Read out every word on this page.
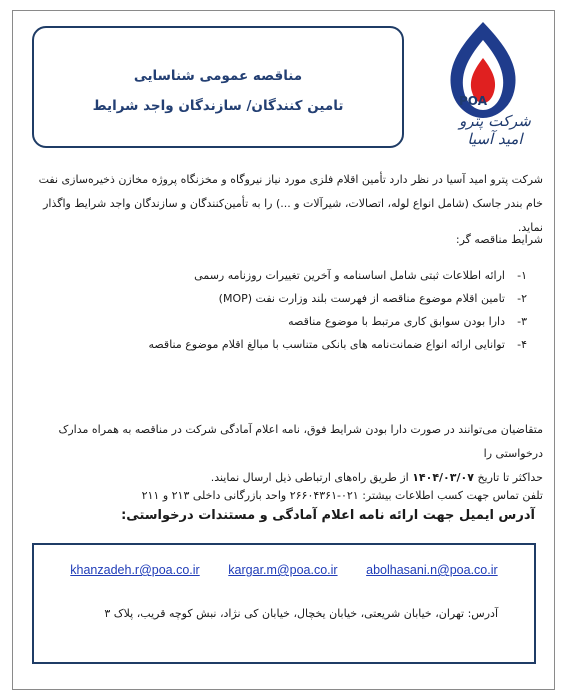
مناقصه عمومی شناسایی
تامین کنندگان/ سازندگان واجد شرایط	POA
شرکت پترو امید آسیا

شرکت پترو امید آسیا در نظر دارد تأمین اقلام فلزی مورد نیاز نیروگاه و مخزنگاه پروژه مخازن ذخیره‌سازی نفت خام بندر جاسک (شامل انواع لوله، اتصالات، شیرآلات و ...) را به تأمین‌کنندگان و سازندگان واجد شرایط واگذار نماید.

شرایط مناقصه گر:

۱-
ارائه اطلاعات ثبتی شامل اساسنامه و آخرین تغییرات روزنامه رسمی
۲-
تامین اقلام موضوع مناقصه از فهرست بلند وزارت نفت (MOP)
۳-
دارا بودن سوابق کاری مرتبط با موضوع مناقصه
۴-
توانایی ارائه انواع ضمانت‌نامه های بانکی متناسب با مبالغ اقلام موضوع مناقصه

متقاضیان می‌توانند در صورت دارا بودن شرایط فوق، نامه اعلام آمادگی شرکت در مناقصه به همراه مدارک درخواستی را
حداکثر تا تاریخ ۱۴۰۴/۰۳/۰۷ از طریق راه‌های ارتباطی ذیل ارسال نمایند.

تلفن تماس جهت کسب اطلاعات بیشتر: ۰۲۱-۲۶۶۰۴۳۶۱ واحد بازرگانی داخلی ۲۱۳ و ۲۱۱

آدرس ایمیل جهت ارائه نامه اعلام آمادگی و مستندات درخواستی:
khanzadeh.r@poa.co.ir kargar.m@poa.co.ir abolhasani.n@poa.co.ir
آدرس: تهران، خیابان شریعتی، خیابان یخچال، خیابان کی نژاد، نبش کوچه قریب، پلاک ۳
